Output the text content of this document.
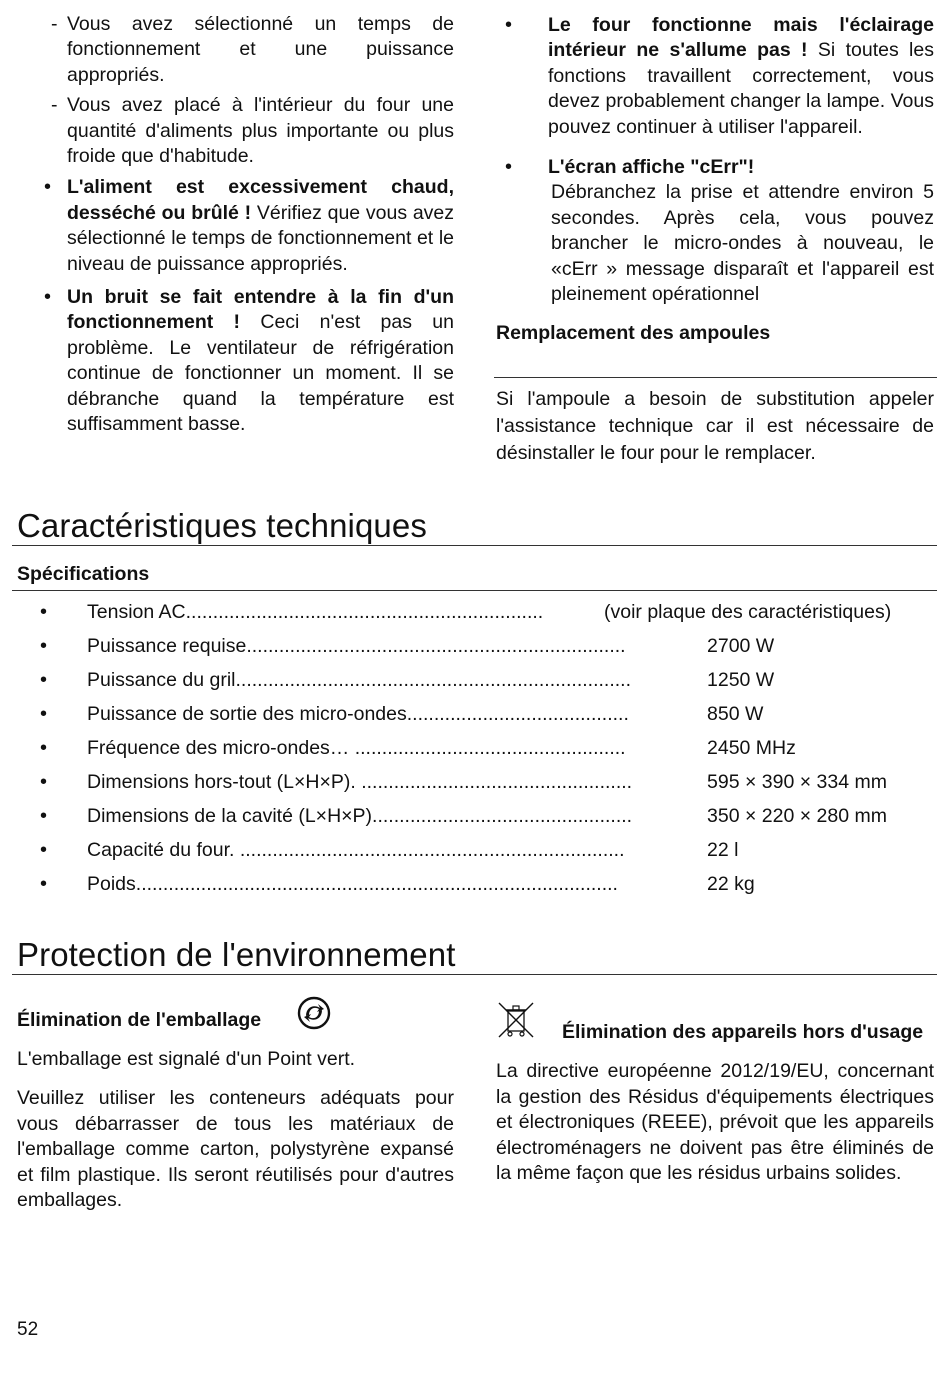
- Vous avez sélectionné un temps de fonctionnement et une puissance appropriés.

- Vous avez placé à l'intérieur du four une quantité d'aliments plus importante ou plus froide que d'habitude.

• L'aliment est excessivement chaud, desséché ou brûlé ! Vérifiez que vous avez sélectionné le temps de fonctionnement et le niveau de puissance appropriés.

• Un bruit se fait entendre à la fin d'un fonctionnement ! Ceci n'est pas un problème. Le ventilateur de réfrigération continue de fonctionner un moment. Il se débranche quand la température est suffisamment basse.

• Le four fonctionne mais l'éclairage intérieur ne s'allume pas ! Si toutes les fonctions travaillent correctement, vous devez probablement changer la lampe. Vous pouvez continuer à utiliser l'appareil.

• L'écran affiche "cErr"!

Débranchez la prise et attendre environ 5 secondes. Après cela, vous pouvez brancher le micro-ondes à nouveau, le «cErr » message disparaît et l'appareil est pleinement opérationnel

Remplacement des ampoules

Si l'ampoule a besoin de substitution appeler l'assistance technique car il est nécessaire de désinstaller le four pour le remplacer.

Caractéristiques techniques
Spécifications
• Tension AC..................................................................	(voir plaque des caractéristiques)
• Puissance requise......................................................................	2700 W
• Puissance du gril.........................................................................	1250 W
• Puissance de sortie des micro-ondes.........................................	850 W
• Fréquence des micro-ondes… ..................................................	2450 MHz
• Dimensions hors-tout (L×H×P). ..................................................	595 × 390 × 334 mm
• Dimensions de la cavité (L×H×P)................................................	350 × 220 × 280 mm
• Capacité du four. .......................................................................	22 l
• Poids.........................................................................................	22 kg
Protection de l'environnement
Élimination de l'emballage

L'emballage est signalé d'un Point vert.

Veuillez utiliser les conteneurs adéquats pour vous débarrasser de tous les matériaux de l'emballage comme carton, polystyrène expansé et film plastique. Ils seront réutilisés pour d'autres emballages.

Élimination des appareils hors d'usage

La directive européenne 2012/19/EU, concernant la gestion des Résidus d'équipements électriques et électroniques (REEE), prévoit que les appareils électroménagers ne doivent pas être éliminés de la même façon que les résidus urbains solides.

52
